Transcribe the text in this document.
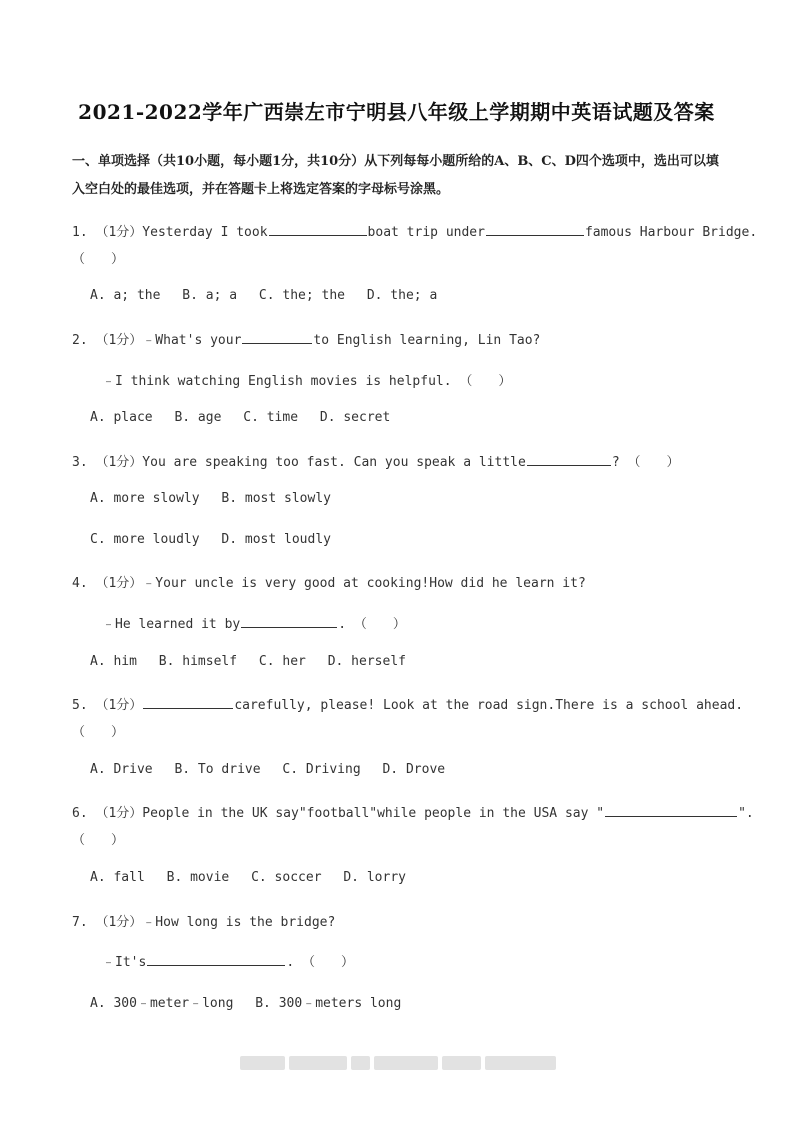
2021-2022学年广西崇左市宁明县八年级上学期期中英语试题及答案
一、单项选择（共10小题，每小题1分，共10分）从下列每每小题所给的A、B、C、D四个选项中，选出可以填入空白处的最佳选项，并在答题卡上将选定答案的字母标号涂黑。
1. （1分）Yesterday I took	boat trip under	famous Harbour Bridge.
（　　）
A. a; the B. a; a C. the; the D. the; a
2. （1分）﹣What's your	to English learning, Lin Tao?
﹣I think watching English movies is helpful. （　　）
A. place B. age C. time D. secret
3. （1分）You are speaking too fast. Can you speak a little	? （　　）
A. more slowly B. most slowly
C. more loudly D. most loudly
4. （1分）﹣Your uncle is very good at cooking!How did he learn it?
﹣He learned it by	. （　　）
A. him B. himself C. her D. herself
5. （1分）	carefully, please! Look at the road sign.There is a school ahead.
（　　）
A. Drive B. To drive C. Driving D. Drove
6. （1分）People in the UK say"football"while people in the USA say "	".
（　　）
A. fall B. movie C. soccer D. lorry
7. （1分）﹣How long is the bridge?
﹣It's	. （　　）
A. 300﹣meter﹣long B. 300﹣meters long
